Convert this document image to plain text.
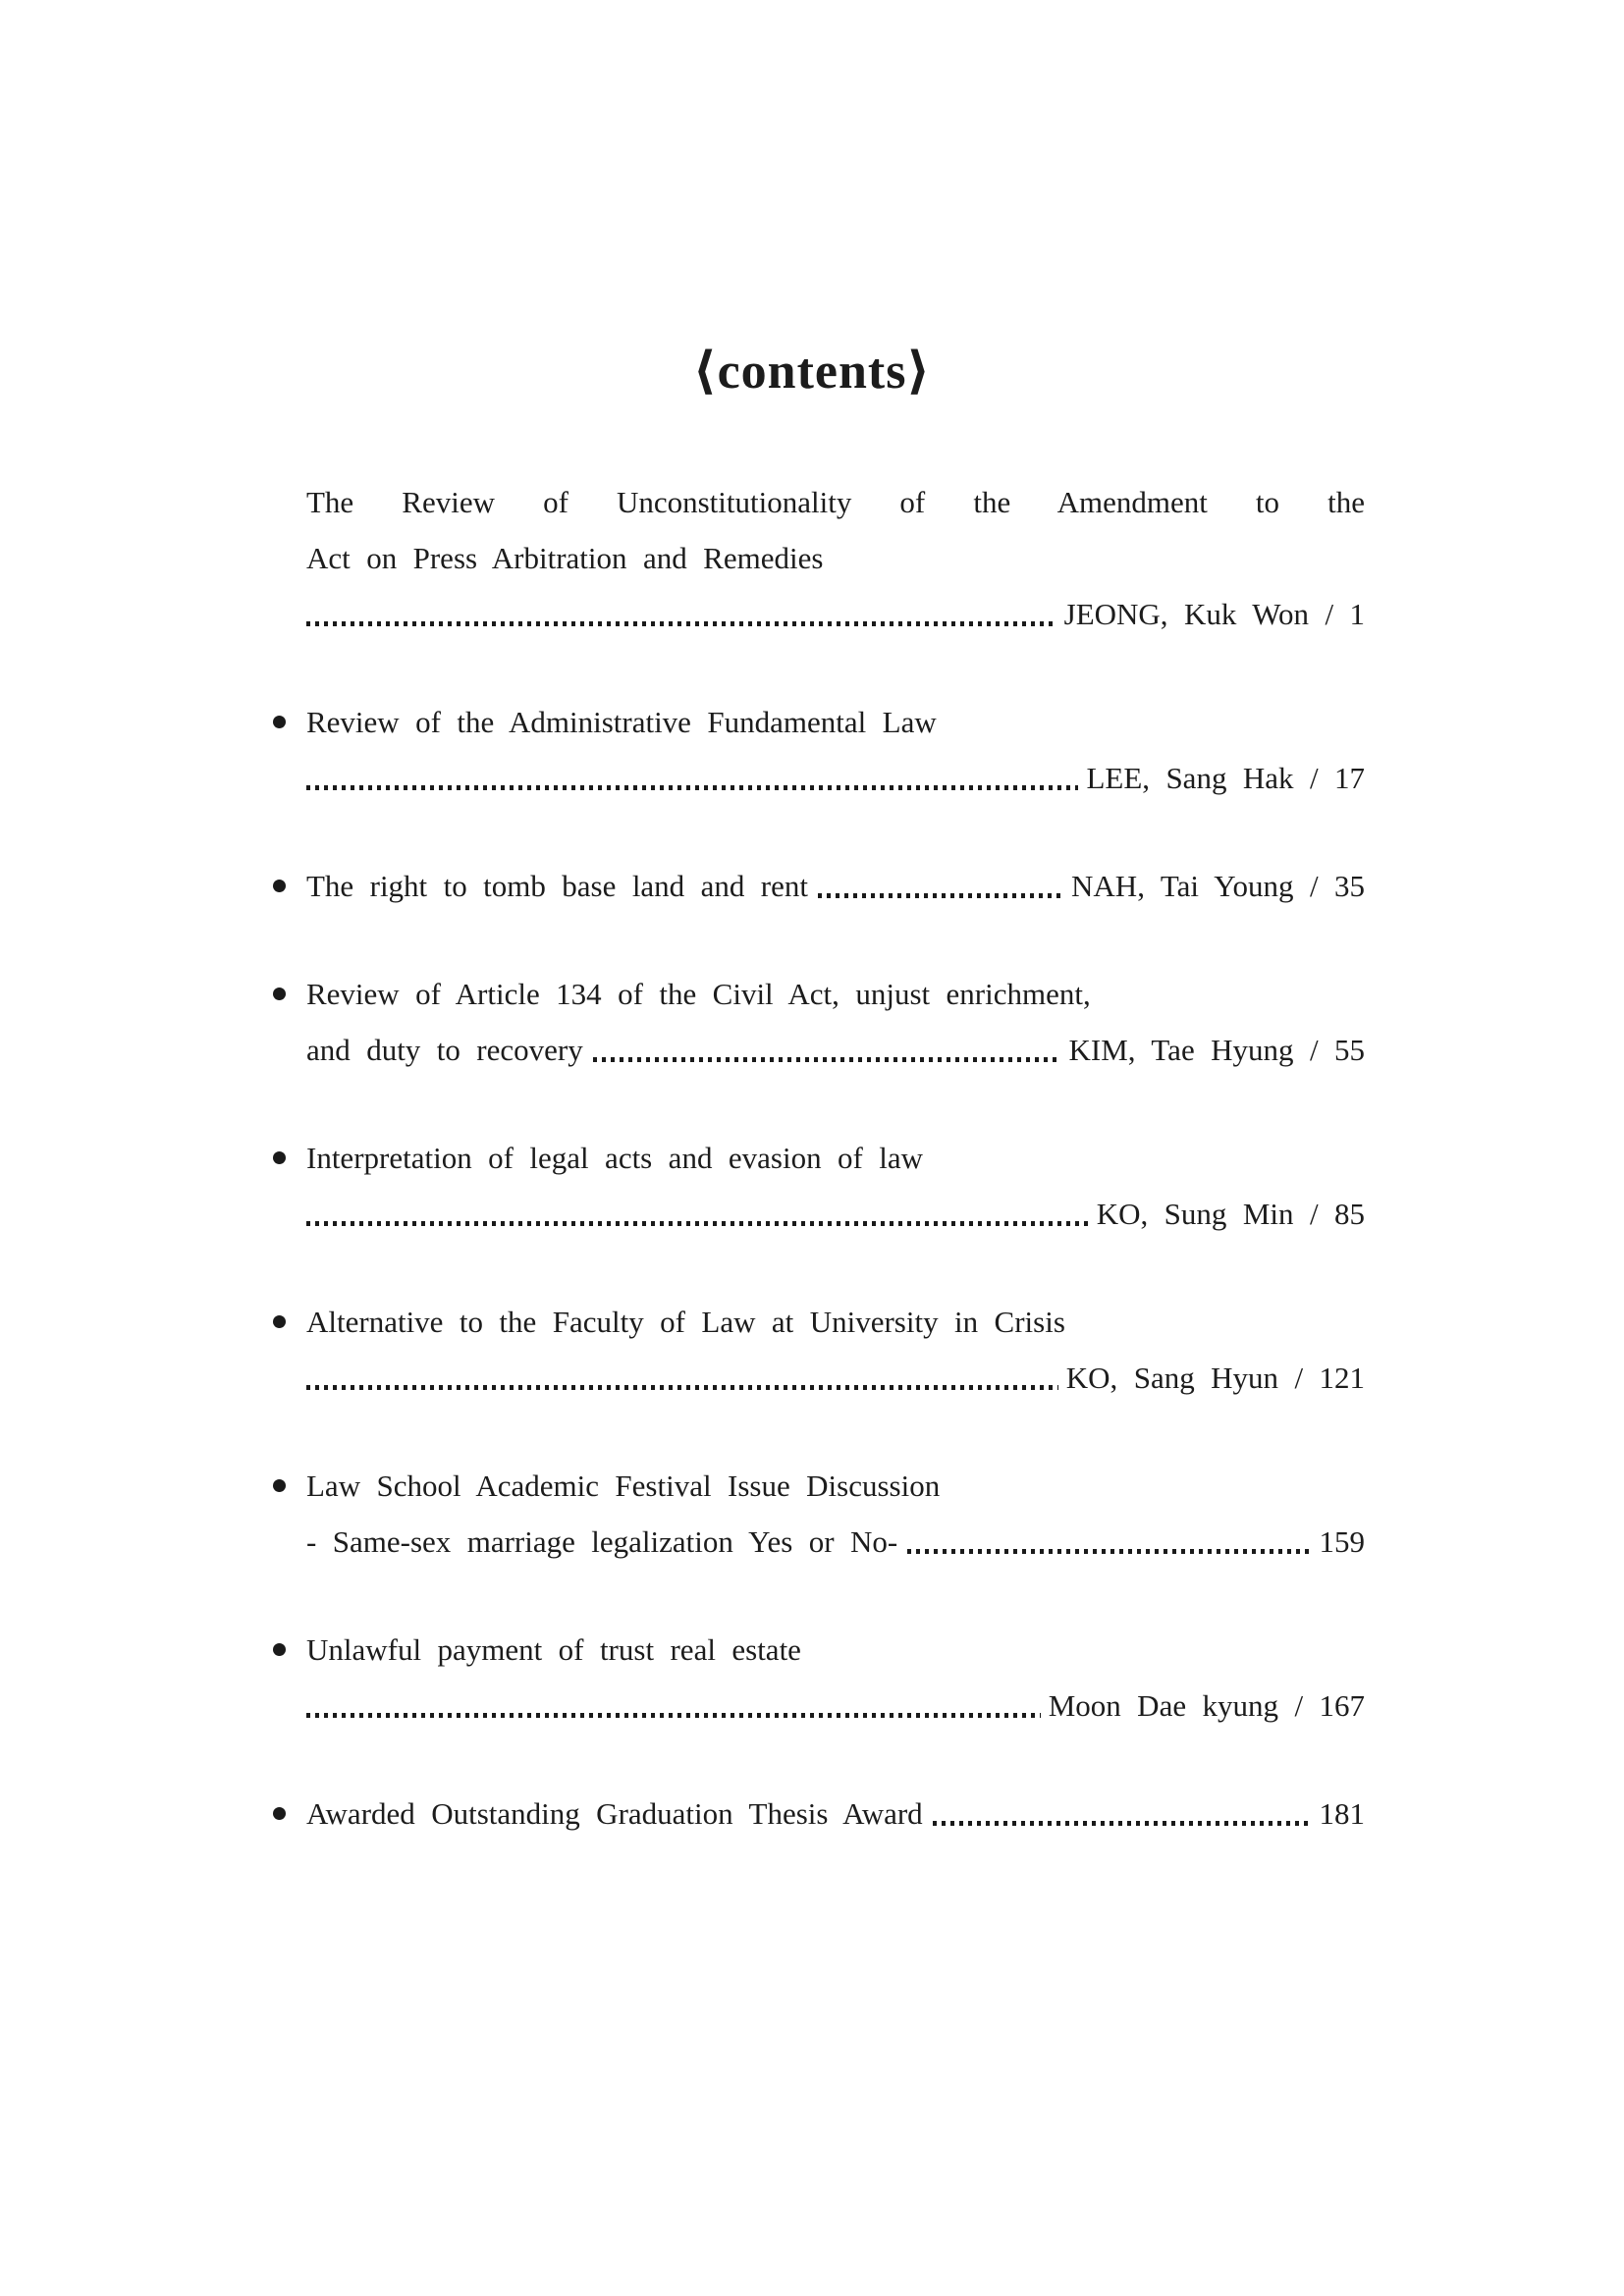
⟨contents⟩
The Review of Unconstitutionality of the Amendment to the
Act on Press Arbitration and Remedies
JEONG, Kuk Won / 1
Review of the Administrative Fundamental Law
LEE, Sang Hak / 17
The right to tomb base land and rent	NAH, Tai Young / 35
Review of Article 134 of the Civil Act, unjust enrichment,
and duty to recovery	KIM, Tae Hyung / 55
Interpretation of legal acts and evasion of law
KO, Sung Min / 85
Alternative to the Faculty of Law at University in Crisis
KO, Sang Hyun / 121
Law School Academic Festival Issue Discussion
- Same-sex marriage legalization Yes or No-	159
Unlawful payment of trust real estate
Moon Dae kyung / 167
Awarded Outstanding Graduation Thesis Award	181
